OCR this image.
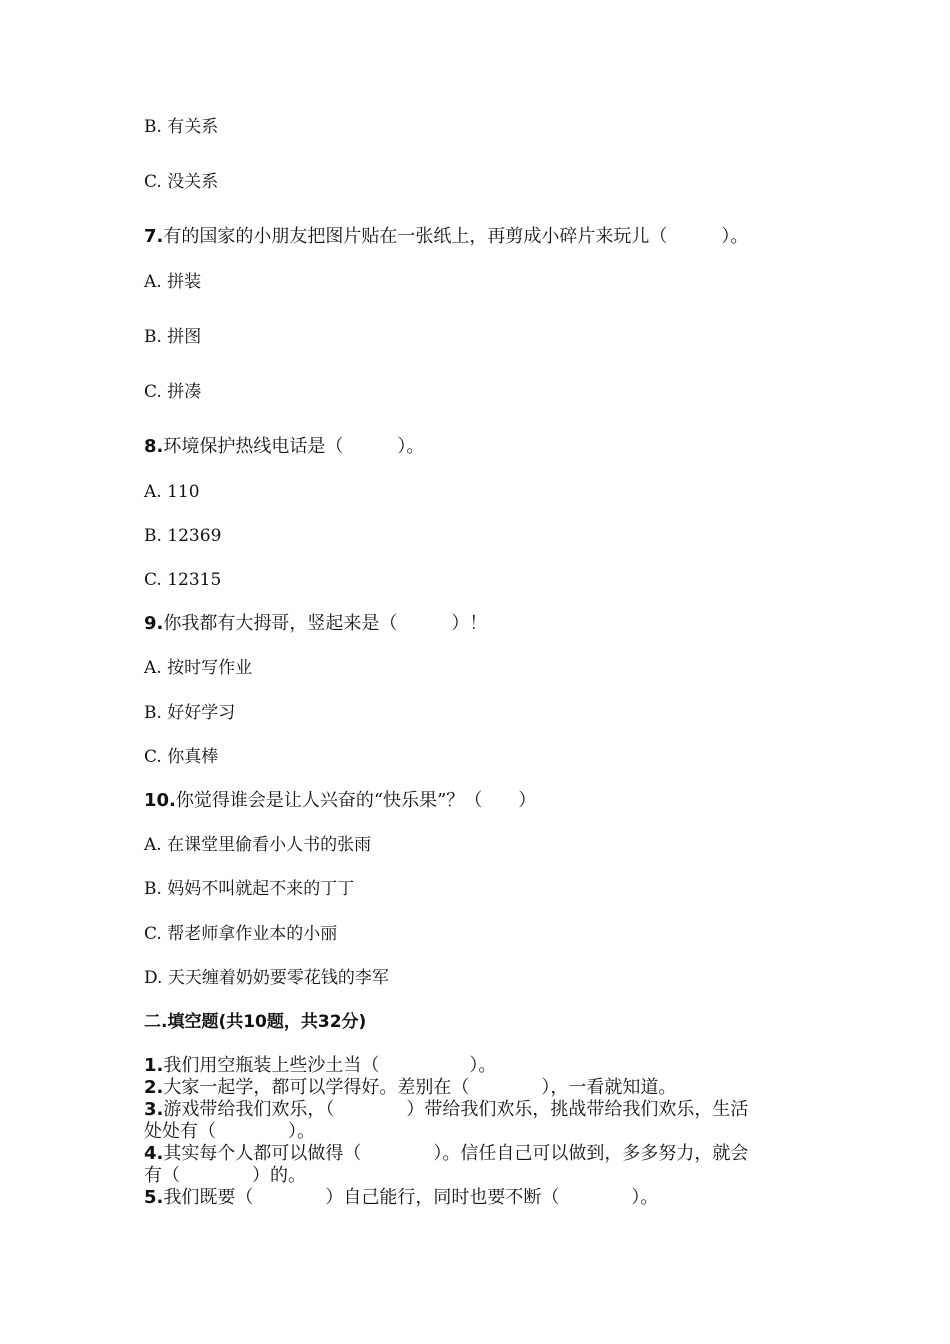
B. 有关系
C. 没关系
7.有的国家的小朋友把图片贴在一张纸上，再剪成小碎片来玩儿（　　　）。
A. 拼装
B. 拼图
C. 拼凑
8.环境保护热线电话是（　　　）。
A. 110
B. 12369
C. 12315
9.你我都有大拇哥，竖起来是（　　　）！
A. 按时写作业
B. 好好学习
C. 你真棒
10.你觉得谁会是让人兴奋的“快乐果”？（　　）
A. 在课堂里偷看小人书的张雨
B. 妈妈不叫就起不来的丁丁
C. 帮老师拿作业本的小丽
D. 天天缠着奶奶要零花钱的李军
二.填空题(共10题，共32分)
1.我们用空瓶装上些沙土当（　　　　　）。
2.大家一起学，都可以学得好。差别在（　　　　），一看就知道。
3.游戏带给我们欢乐，（　　　　）带给我们欢乐，挑战带给我们欢乐，生活
处处有（　　　　）。
4.其实每个人都可以做得（　　　　）。信任自己可以做到，多多努力，就会
有（　　　　）的。
5.我们既要（　　　　）自己能行，同时也要不断（　　　　）。
